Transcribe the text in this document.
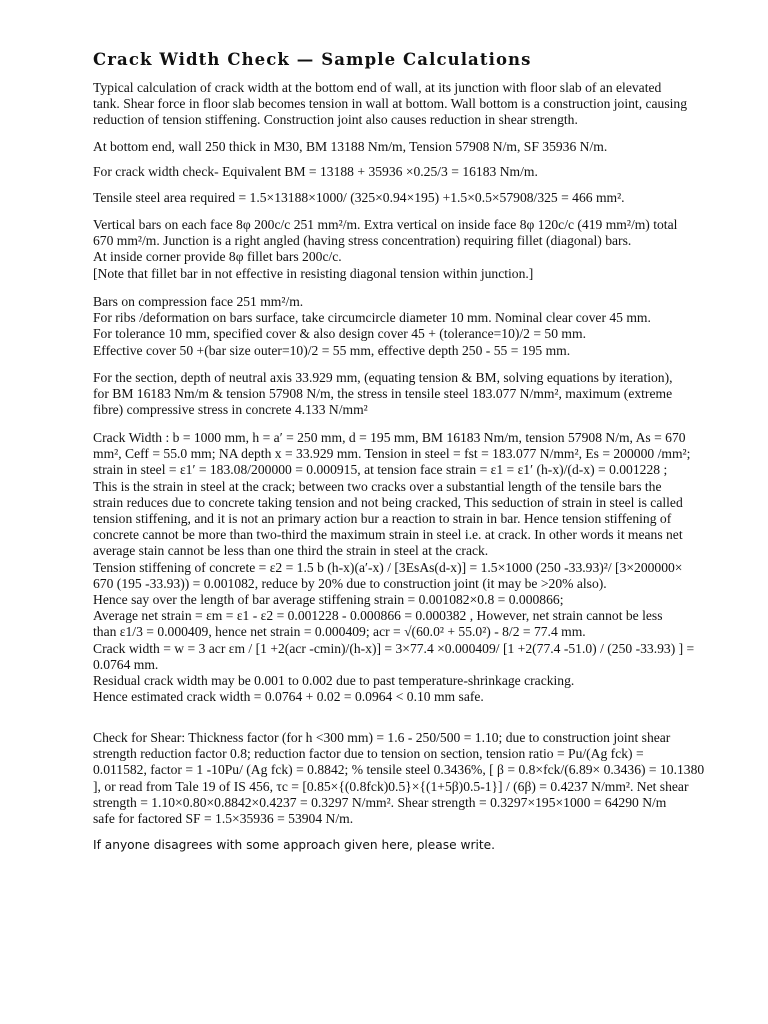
Crack Width Check — Sample Calculations
Typical calculation of crack width at the bottom end of wall, at its junction with floor slab of an elevated
tank. Shear force in floor slab becomes tension in wall at bottom. Wall bottom is a construction joint, causing
reduction of tension stiffening. Construction joint also causes reduction in shear strength.
At bottom end, wall 250 thick in M30, BM 13188 Nm/m, Tension 57908 N/m, SF 35936 N/m.
For crack width check- Equivalent BM = 13188 + 35936 ×0.25/3 = 16183 Nm/m.
Tensile steel area required = 1.5×13188×1000/ (325×0.94×195) +1.5×0.5×57908/325 = 466 mm².
Vertical bars on each face 8φ 200c/c 251 mm²/m. Extra vertical on inside face 8φ 120c/c (419 mm²/m) total
670 mm²/m. Junction is a right angled (having stress concentration) requiring fillet (diagonal) bars.
At inside corner provide 8φ fillet bars 200c/c.
[Note that fillet bar in not effective in resisting diagonal tension within junction.]
Bars on compression face 251 mm²/m.
For ribs /deformation on bars surface, take circumcircle diameter 10 mm. Nominal clear cover 45 mm.
For tolerance 10 mm, specified cover & also design cover 45 + (tolerance=10)/2 = 50 mm.
Effective cover 50 +(bar size outer=10)/2 = 55 mm, effective depth 250 - 55 = 195 mm.
For the section, depth of neutral axis 33.929 mm, (equating tension & BM, solving equations by iteration),
for BM 16183 Nm/m & tension 57908 N/m, the stress in tensile steel 183.077 N/mm², maximum (extreme
fibre) compressive stress in concrete 4.133 N/mm²
Crack Width : b = 1000 mm, h = a′ = 250 mm, d = 195 mm, BM 16183 Nm/m, tension 57908 N/m, As = 670
mm², Ceff = 55.0 mm; NA depth x = 33.929 mm. Tension in steel = fst = 183.077 N/mm², Es = 200000 /mm²;
strain in steel = ε1′ = 183.08/200000 = 0.000915, at tension face strain = ε1 = ε1′ (h-x)/(d-x) = 0.001228 ;
This is the strain in steel at the crack; between two cracks over a substantial length of the tensile bars the
strain reduces due to concrete taking tension and not being cracked, This seduction of strain in steel is called
tension stiffening, and it is not an primary action bur a reaction to strain in bar. Hence tension stiffening of
concrete cannot be more than two-third the maximum strain in steel i.e. at crack. In other words it means net
average stain cannot be less than one third the strain in steel at the crack.
Tension stiffening of concrete = ε2 = 1.5 b (h-x)(a′-x) / [3EsAs(d-x)] = 1.5×1000 (250 -33.93)²/ [3×200000×
670 (195 -33.93)) = 0.001082, reduce by 20% due to construction joint (it may be >20% also).
Hence say over the length of bar average stiffening strain = 0.001082×0.8 = 0.000866;
Average net strain = εm = ε1 - ε2 = 0.001228 - 0.000866 = 0.000382 , However, net strain cannot be less
than ε1/3 = 0.000409, hence net strain = 0.000409; acr = √(60.0² + 55.0²) - 8/2 = 77.4 mm.
Crack width = w = 3 acr εm / [1 +2(acr -cmin)/(h-x)] = 3×77.4 ×0.000409/ [1 +2(77.4 -51.0) / (250 -33.93) ] =
0.0764 mm.
Residual crack width may be 0.001 to 0.002 due to past temperature-shrinkage cracking.
Hence estimated crack width = 0.0764 + 0.02 = 0.0964 < 0.10 mm safe.
Check for Shear: Thickness factor (for h <300 mm) = 1.6 - 250/500 = 1.10; due to construction joint shear
strength reduction factor 0.8; reduction factor due to tension on section, tension ratio = Pu/(Ag fck) =
0.011582, factor = 1 -10Pu/ (Ag fck) = 0.8842; % tensile steel 0.3436%, [ β = 0.8×fck/(6.89× 0.3436) = 10.1380
], or read from Tale 19 of IS 456, τc = [0.85×{(0.8fck)0.5}×{(1+5β)0.5-1}] / (6β) = 0.4237 N/mm². Net shear
strength = 1.10×0.80×0.8842×0.4237 = 0.3297 N/mm². Shear strength = 0.3297×195×1000 = 64290 N/m
safe for factored SF = 1.5×35936 = 53904 N/m.

If anyone disagrees with some approach given here, please write.
